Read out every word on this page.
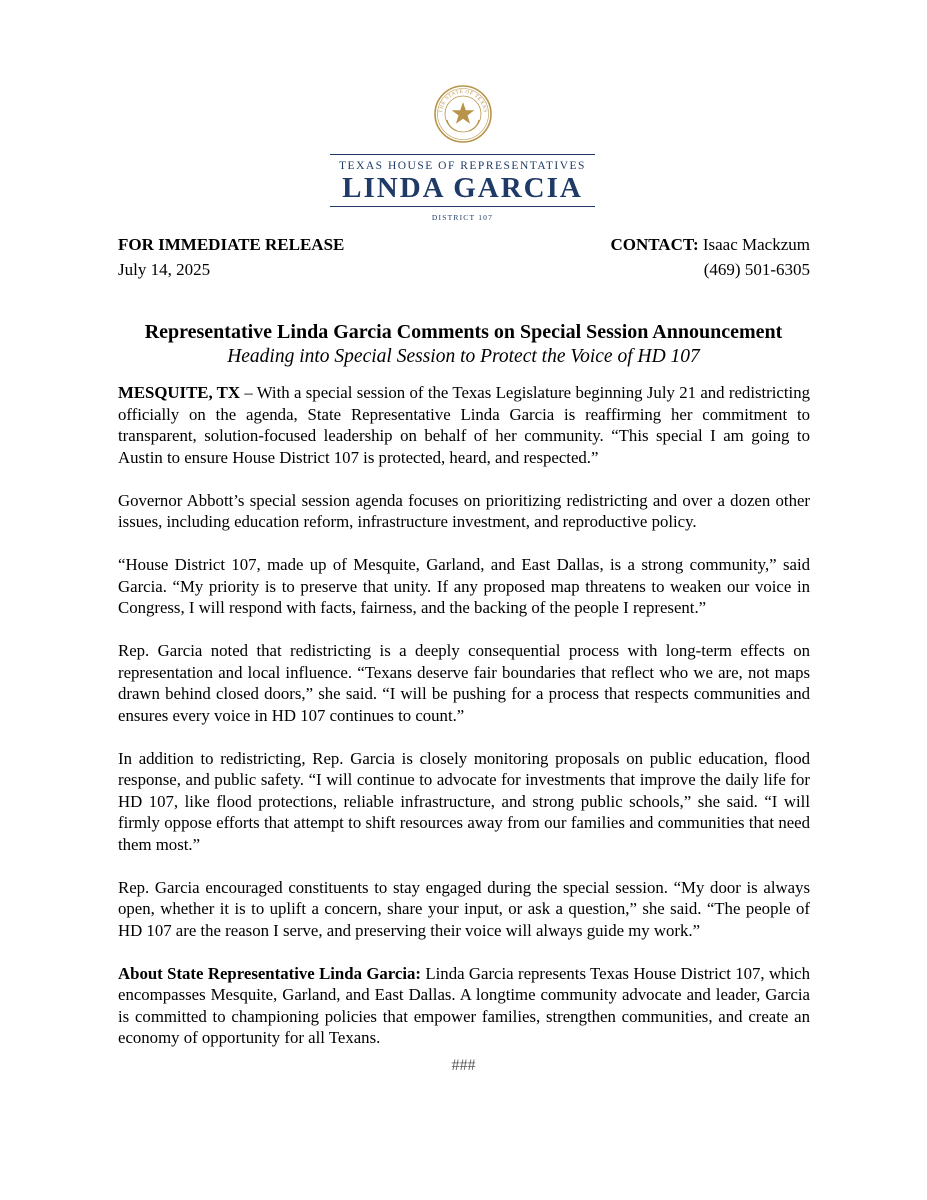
THE STATE OF TEXAS
TEXAS HOUSE OF REPRESENTATIVES
LINDA GARCIA
DISTRICT 107
FOR IMMEDIATE RELEASE
July 14, 2025
CONTACT: Isaac Mackzum
(469) 501-6305
Representative Linda Garcia Comments on Special Session Announcement
Heading into Special Session to Protect the Voice of HD 107

MESQUITE, TX – With a special session of the Texas Legislature beginning July 21 and redistricting officially on the agenda, State Representative Linda Garcia is reaffirming her commitment to transparent, solution-focused leadership on behalf of her community. “This special I am going to Austin to ensure House District 107 is protected, heard, and respected.”

Governor Abbott’s special session agenda focuses on prioritizing redistricting and over a dozen other issues, including education reform, infrastructure investment, and reproductive policy.

“House District 107, made up of Mesquite, Garland, and East Dallas, is a strong community,” said Garcia. “My priority is to preserve that unity. If any proposed map threatens to weaken our voice in Congress, I will respond with facts, fairness, and the backing of the people I represent.”

Rep. Garcia noted that redistricting is a deeply consequential process with long-term effects on representation and local influence. “Texans deserve fair boundaries that reflect who we are, not maps drawn behind closed doors,” she said. “I will be pushing for a process that respects communities and ensures every voice in HD 107 continues to count.”

In addition to redistricting, Rep. Garcia is closely monitoring proposals on public education, flood response, and public safety. “I will continue to advocate for investments that improve the daily life for HD 107, like flood protections, reliable infrastructure, and strong public schools,” she said. “I will firmly oppose efforts that attempt to shift resources away from our families and communities that need them most.”

Rep. Garcia encouraged constituents to stay engaged during the special session. “My door is always open, whether it is to uplift a concern, share your input, or ask a question,” she said. “The people of HD 107 are the reason I serve, and preserving their voice will always guide my work.”

About State Representative Linda Garcia: Linda Garcia represents Texas House District 107, which encompasses Mesquite, Garland, and East Dallas. A longtime community advocate and leader, Garcia is committed to championing policies that empower families, strengthen communities, and create an economy of opportunity for all Texans.

###
